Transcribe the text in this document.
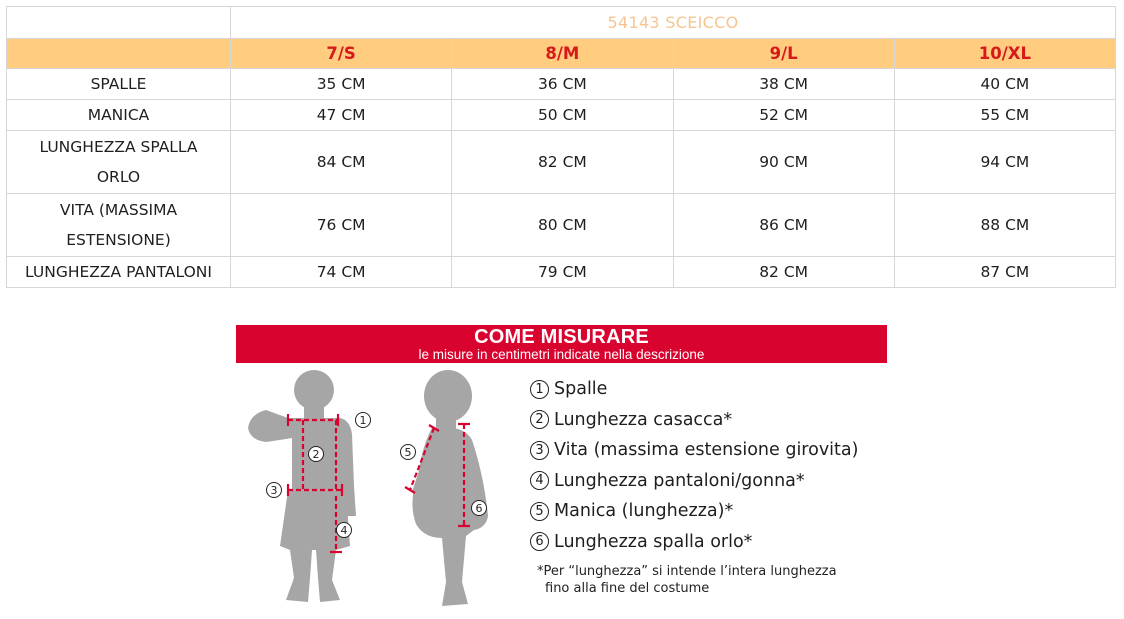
	54143 SCEICCO			
	7/S	8/M	9/L	10/XL
SPALLE	35 CM	36 CM	38 CM	40 CM
MANICA	47 CM	50 CM	52 CM	55 CM
LUNGHEZZA SPALLA
ORLO	84 CM	82 CM	90 CM	94 CM
VITA (MASSIMA
ESTENSIONE)	76 CM	80 CM	86 CM	88 CM
LUNGHEZZA PANTALONI	74 CM	79 CM	82 CM	87 CM
COME MISURARE
le misure in centimetri indicate nella descrizione
1
2
3
4
5
6
1 Spalle
2 Lunghezza casacca*
3 Vita (massima estensione girovita)
4 Lunghezza pantaloni/gonna*
5 Manica (lunghezza)*
6 Lunghezza spalla orlo*
*Per “lunghezza” si intende l’intera lunghezza
fino alla fine del costume
